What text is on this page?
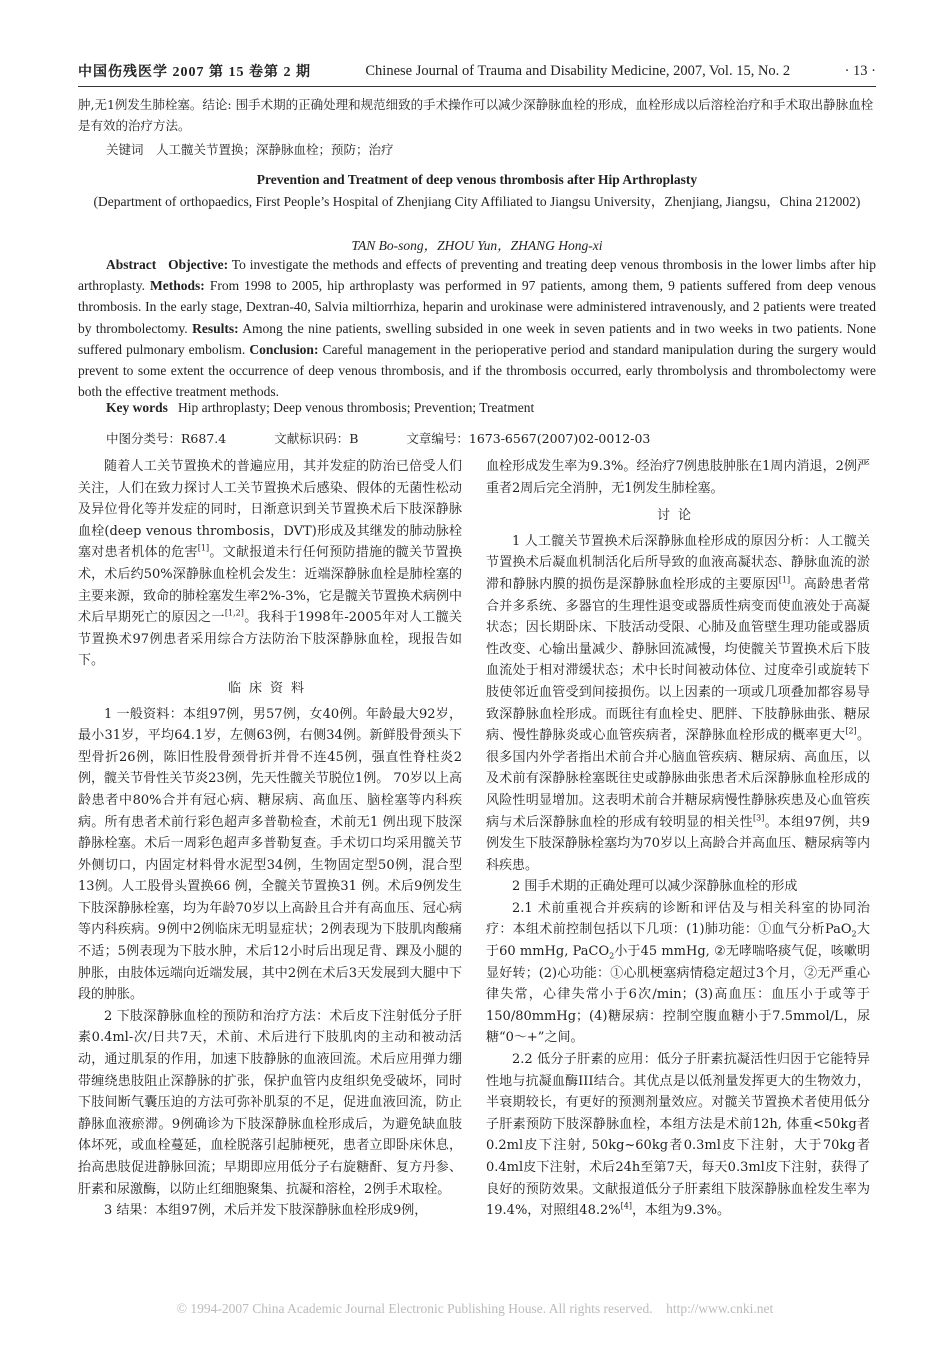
中国伤残医学 2007 第 15 卷第 2 期	Chinese Journal of Trauma and Disability Medicine, 2007, Vol. 15, No. 2	· 13 ·
肿,无1例发生肺栓塞。结论: 围手术期的正确处理和规范细致的手术操作可以减少深静脉血栓的形成，血栓形成以后溶栓治疗和手术取出静脉血栓是有效的治疗方法。
关键词　人工髋关节置换；深静脉血栓；预防；治疗
Prevention and Treatment of deep venous thrombosis after Hip Arthroplasty
(Department of orthopaedics, First People’s Hospital of Zhenjiang City Affiliated to Jiangsu University，Zhenjiang, Jiangsu，China 212002)
TAN Bo-song，ZHOU Yun，ZHANG Hong-xi
Abstract Objective: To investigate the methods and effects of preventing and treating deep venous thrombosis in the lower limbs after hip arthroplasty. Methods: From 1998 to 2005, hip arthroplasty was performed in 97 patients, among them, 9 patients suffered from deep venous thrombosis. In the early stage, Dextran-40, Salvia miltiorrhiza, heparin and urokinase were administered intravenously, and 2 patients were treated by thrombolectomy. Results: Among the nine patients, swelling subsided in one week in seven patients and in two weeks in two patients. None suffered pulmonary embolism. Conclusion: Careful management in the perioperative period and standard manipulation during the surgery would prevent to some extent the occurrence of deep venous thrombosis, and if the thrombosis occurred, early thrombolysis and thrombolectomy were both the effective treatment methods.
Key words Hip arthroplasty; Deep venous thrombosis; Prevention; Treatment
中图分类号：R687.4	文献标识码：B	文章编号：1673-6567(2007)02-0012-03

随着人工关节置换术的普遍应用，其并发症的防治已倍受人们关注，人们在致力探讨人工关节置换术后感染、假体的无菌性松动及异位骨化等并发症的同时，日渐意识到关节置换术后下肢深静脉血栓(deep venous thrombosis，DVT)形成及其继发的肺动脉栓塞对患者机体的危害[1]。文献报道未行任何预防措施的髋关节置换术，术后约50%深静脉血栓机会发生：近端深静脉血栓是肺栓塞的主要来源，致命的肺栓塞发生率2%-3%，它是髋关节置换术病例中术后早期死亡的原因之一[1,2]。我科于1998年-2005年对人工髋关节置换术97例患者采用综合方法防治下肢深静脉血栓，现报告如下。

临床资料

1 一般资料：本组97例，男57例，女40例。年龄最大92岁，最小31岁，平均64.1岁，左侧63例，右侧34例。新鲜股骨颈头下型骨折26例，陈旧性股骨颈骨折并骨不连45例，强直性脊柱炎2例，髋关节骨性关节炎23例，先天性髋关节脱位1例。 70岁以上高龄患者中80%合并有冠心病、糖尿病、高血压、脑栓塞等内科疾病。所有患者术前行彩色超声多普勒检查，术前无1 例出现下肢深静脉栓塞。术后一周彩色超声多普勒复查。手术切口均采用髋关节外侧切口，内固定材料骨水泥型34例，生物固定型50例，混合型13例。人工股骨头置换66 例，全髋关节置换31 例。术后9例发生下肢深静脉栓塞，均为年龄70岁以上高龄且合并有高血压、冠心病等内科疾病。9例中2例临床无明显症状；2例表现为下肢肌肉酸痛不适；5例表现为下肢水肿，术后12小时后出现足背、踝及小腿的肿胀，由肢体远端向近端发展，其中2例在术后3天发展到大腿中下段的肿胀。

2 下肢深静脉血栓的预防和治疗方法：术后皮下注射低分子肝素0.4ml-次/日共7天，术前、术后进行下肢肌肉的主动和被动活动，通过肌泵的作用，加速下肢静脉的血液回流。术后应用弹力绷带缠绕患肢阻止深静脉的扩张，保护血管内皮组织免受破坏，同时下肢间断气囊压迫的方法可弥补肌泵的不足，促进血液回流，防止静脉血液瘀滞。9例确诊为下肢深静脉血栓形成后，为避免缺血肢体坏死，或血栓蔓延，血栓脱落引起肺梗死，患者立即卧床休息，抬高患肢促进静脉回流；早期即应用低分子右旋糖酐、复方丹参、肝素和尿激酶，以防止红细胞聚集、抗凝和溶栓，2例手术取栓。

3 结果：本组97例，术后并发下肢深静脉血栓形成9例，

血栓形成发生率为9.3%。经治疗7例患肢肿胀在1周内消退，2例严重者2周后完全消肿，无1例发生肺栓塞。

讨论

1 人工髋关节置换术后深静脉血栓形成的原因分析：人工髋关节置换术后凝血机制活化后所导致的血液高凝状态、静脉血流的淤滞和静脉内膜的损伤是深静脉血栓形成的主要原因[1]。高龄患者常合并多系统、多器官的生理性退变或器质性病变而使血液处于高凝状态；因长期卧床、下肢活动受限、心肺及血管壁生理功能或器质性改变、心输出量减少、静脉回流减慢，均使髋关节置换术后下肢血流处于相对滞缓状态；术中长时间被动体位、过度牵引或旋转下肢使邻近血管受到间接损伤。以上因素的一项或几项叠加都容易导致深静脉血栓形成。而既往有血栓史、肥胖、下肢静脉曲张、糖尿病、慢性静脉炎或心血管疾病者，深静脉血栓形成的概率更大[2]。很多国内外学者指出术前合并心脑血管疾病、糖尿病、高血压，以及术前有深静脉栓塞既往史或静脉曲张患者术后深静脉血栓形成的风险性明显增加。这表明术前合并糖尿病慢性静脉疾患及心血管疾病与术后深静脉血栓的形成有较明显的相关性[3]。本组97例，共9例发生下肢深静脉栓塞均为70岁以上高龄合并高血压、糖尿病等内科疾患。

2 围手术期的正确处理可以减少深静脉血栓的形成

2.1 术前重视合并疾病的诊断和评估及与相关科室的协同治疗：本组术前控制包括以下几项：(1)肺功能：①血气分析PaO$_2$大于60 mmHg, PaCO$_2$小于45 mmHg, ②无哮喘咯痰气促，咳嗽明显好转；(2)心功能：①心肌梗塞病情稳定超过3个月，②无严重心律失常，心律失常小于6次/min；(3)高血压：血压小于或等于150/80mmHg；(4)糖尿病：控制空腹血糖小于7.5mmol/L，尿糖“0～+”之间。

2.2 低分子肝素的应用：低分子肝素抗凝活性归因于它能特异性地与抗凝血酶III结合。其优点是以低剂量发挥更大的生物效力，半衰期较长，有更好的预测剂量效应。对髋关节置换术者使用低分子肝素预防下肢深静脉血栓，本组方法是术前12h, 体重<50kg者0.2ml皮下注射, 50kg~60kg者0.3ml皮下注射，大于70kg者0.4ml皮下注射，术后24h至第7天，每天0.3ml皮下注射，获得了良好的预防效果。文献报道低分子肝素组下肢深静脉血栓发生率为19.4%，对照组48.2%[4]，本组为9.3%。

© 1994-2007 China Academic Journal Electronic Publishing House. All rights reserved.　http://www.cnki.net
